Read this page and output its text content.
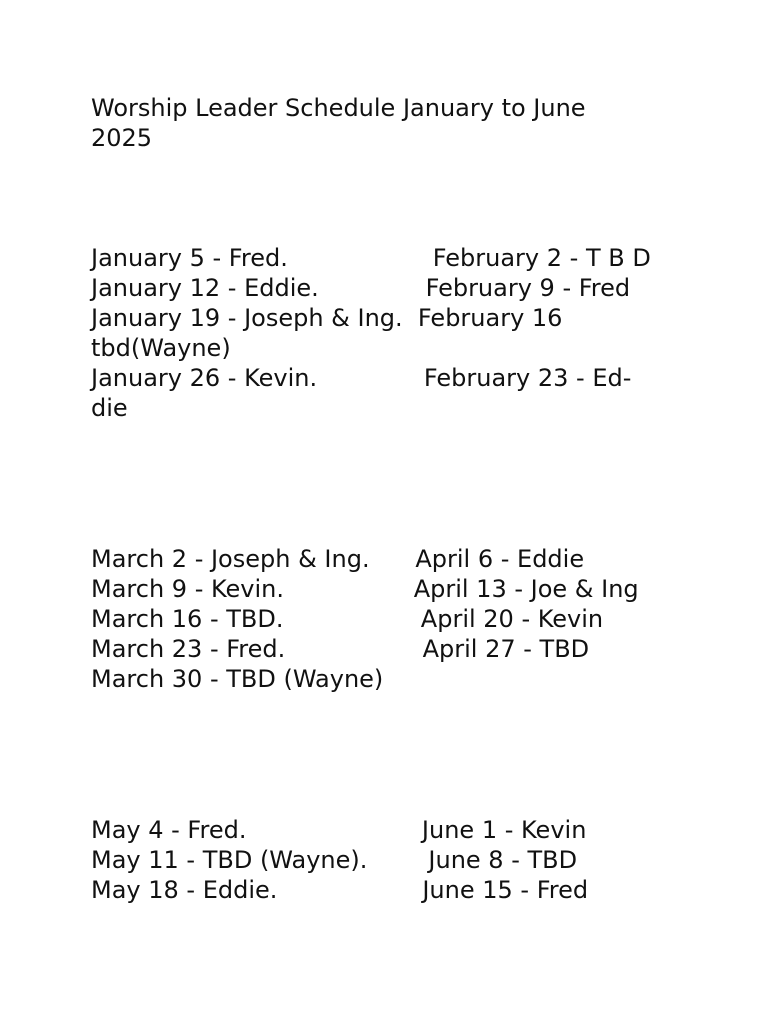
Worship Leader Schedule January to June

2025

January 5 - Fred.                   February 2 - T B D

January 12 - Eddie.              February 9 - Fred

January 19 - Joseph & Ing.  February 16

tbd(Wayne)

January 26 - Kevin.              February 23 - Ed-

die

March 2 - Joseph & Ing.      April 6 - Eddie

March 9 - Kevin.                 April 13 - Joe & Ing

March 16 - TBD.                  April 20 - Kevin

March 23 - Fred.                  April 27 - TBD

March 30 - TBD (Wayne)

May 4 - Fred.                       June 1 - Kevin

May 11 - TBD (Wayne).        June 8 - TBD

May 18 - Eddie.                   June 15 - Fred
